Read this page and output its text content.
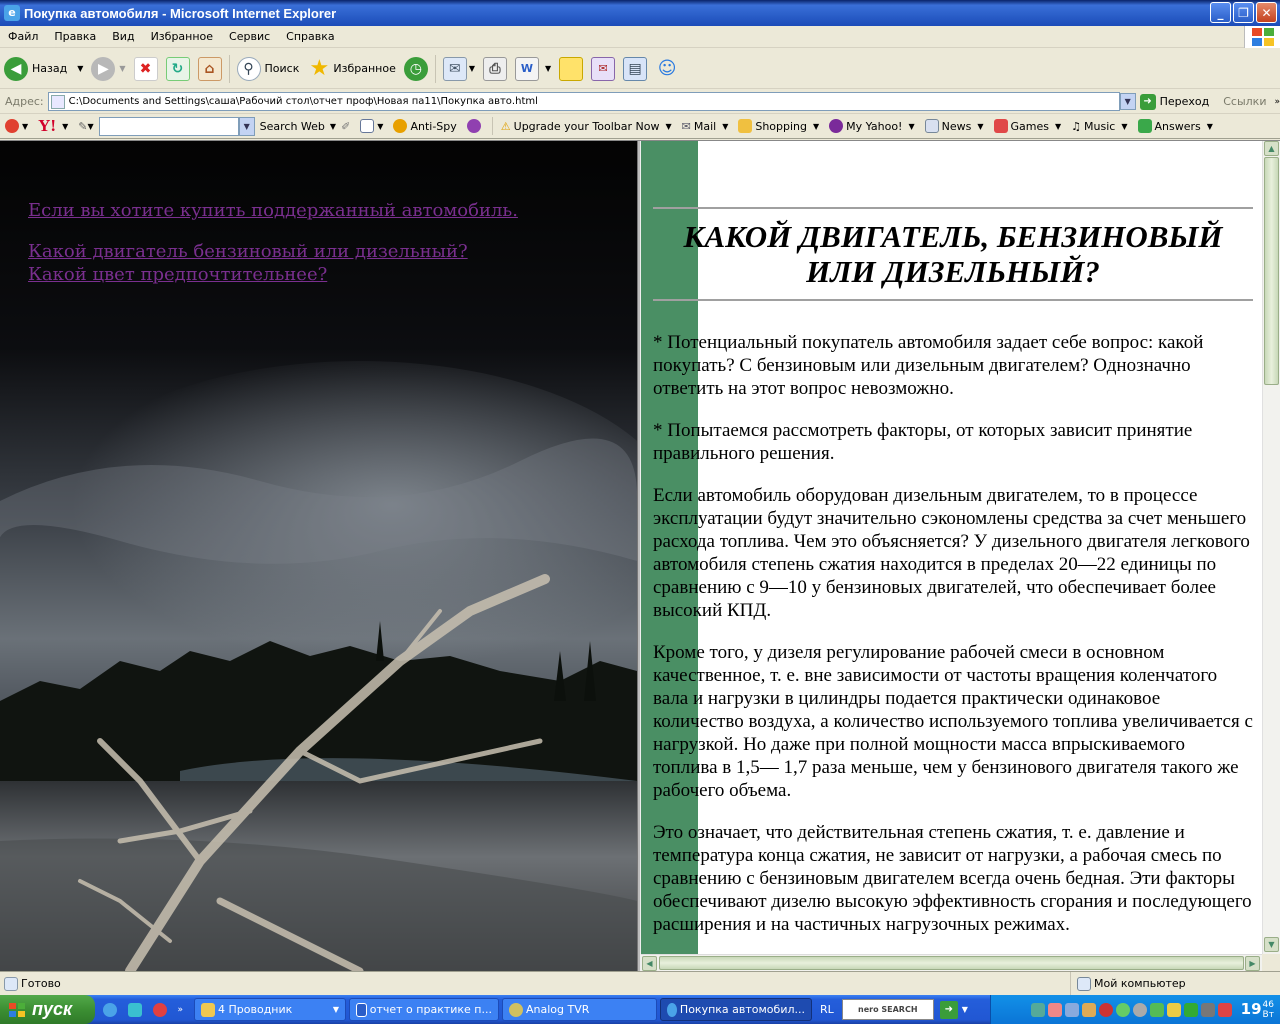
e Покупка автомобиля - Microsoft Internet Explorer	_	❐	✕
Файл	Правка	Вид	Избранное	Сервис	Справка
◀ Назад ▼	▶	▼	✖	↻	⌂	⚲ Поиск ★ Избранное ◷	✉	▼	⎙	W	▼	✉	▤ ☺
Адрес:	C:\Documents and Settings\саша\Рабочий стол\отчет проф\Новая па11\Покупка авто.html	▼	➜ Переход Ссылки »
▼ Y! ▼ ✎ ▼	▼ Search Web ▼ ✐	▼ Anti-Spy	⚠ Upgrade your Toolbar Now ▼ ✉ Mail ▼ Shopping ▼ My Yahoo! ▼ News ▼ Games ▼ ♫ Music ▼ Answers ▼
Если вы хотите купить поддержанный автомобиль.
Какой двигатель бензиновый или дизельный?
Какой цвет предпочтительнее?
КАКОЙ ДВИГАТЕЛЬ, БЕНЗИНОВЫЙ ИЛИ ДИЗЕЛЬНЫЙ?

* Потенциальный покупатель автомобиля задает себе вопрос: какой покупать? С бензиновым или дизельным двигателем? Однозначно ответить на этот вопрос невозможно.

* Попытаемся рассмотреть факторы, от которых зависит принятие правильного решения.

Если автомобиль оборудован дизельным двигателем, то в процессе эксплуатации будут значительно сэкономлены средства за счет меньшего расхода топлива. Чем это объясняется? У дизельного двигателя легкового автомобиля степень сжатия находится в пределах 20—22 единицы по сравнению с 9—10 у бензиновых двигателей, что обеспечивает более высокий КПД.

Кроме того, у дизеля регулирование рабочей смеси в основном качественное, т. е. вне зависимости от частоты вращения коленчатого вала и нагрузки в цилиндры подается практически одинаковое количество воздуха, а количество используемого топлива увеличивается с нагрузкой. Но даже при полной мощности масса впрыскиваемого топлива в 1,5— 1,7 раза меньше, чем у бензинового двигателя такого же рабочего объема.

Это означает, что действительная степень сжатия, т. е. давление и температура конца сжатия, не зависит от нагрузки, а рабочая смесь по сравнению с бензиновым двигателем всегда очень бедная. Эти факторы обеспечивают дизелю высокую эффективность сгорания и последующего расширения и на частичных нагрузочных режимах.

▲
▼
◀	▶
Готово	Мой компьютер
пуск	»	4 Проводник	▼	отчет о практике п...	Analog TVR	Покупка автомобил... RL	nero SEARCH	➜	▼	19 46
Вт
